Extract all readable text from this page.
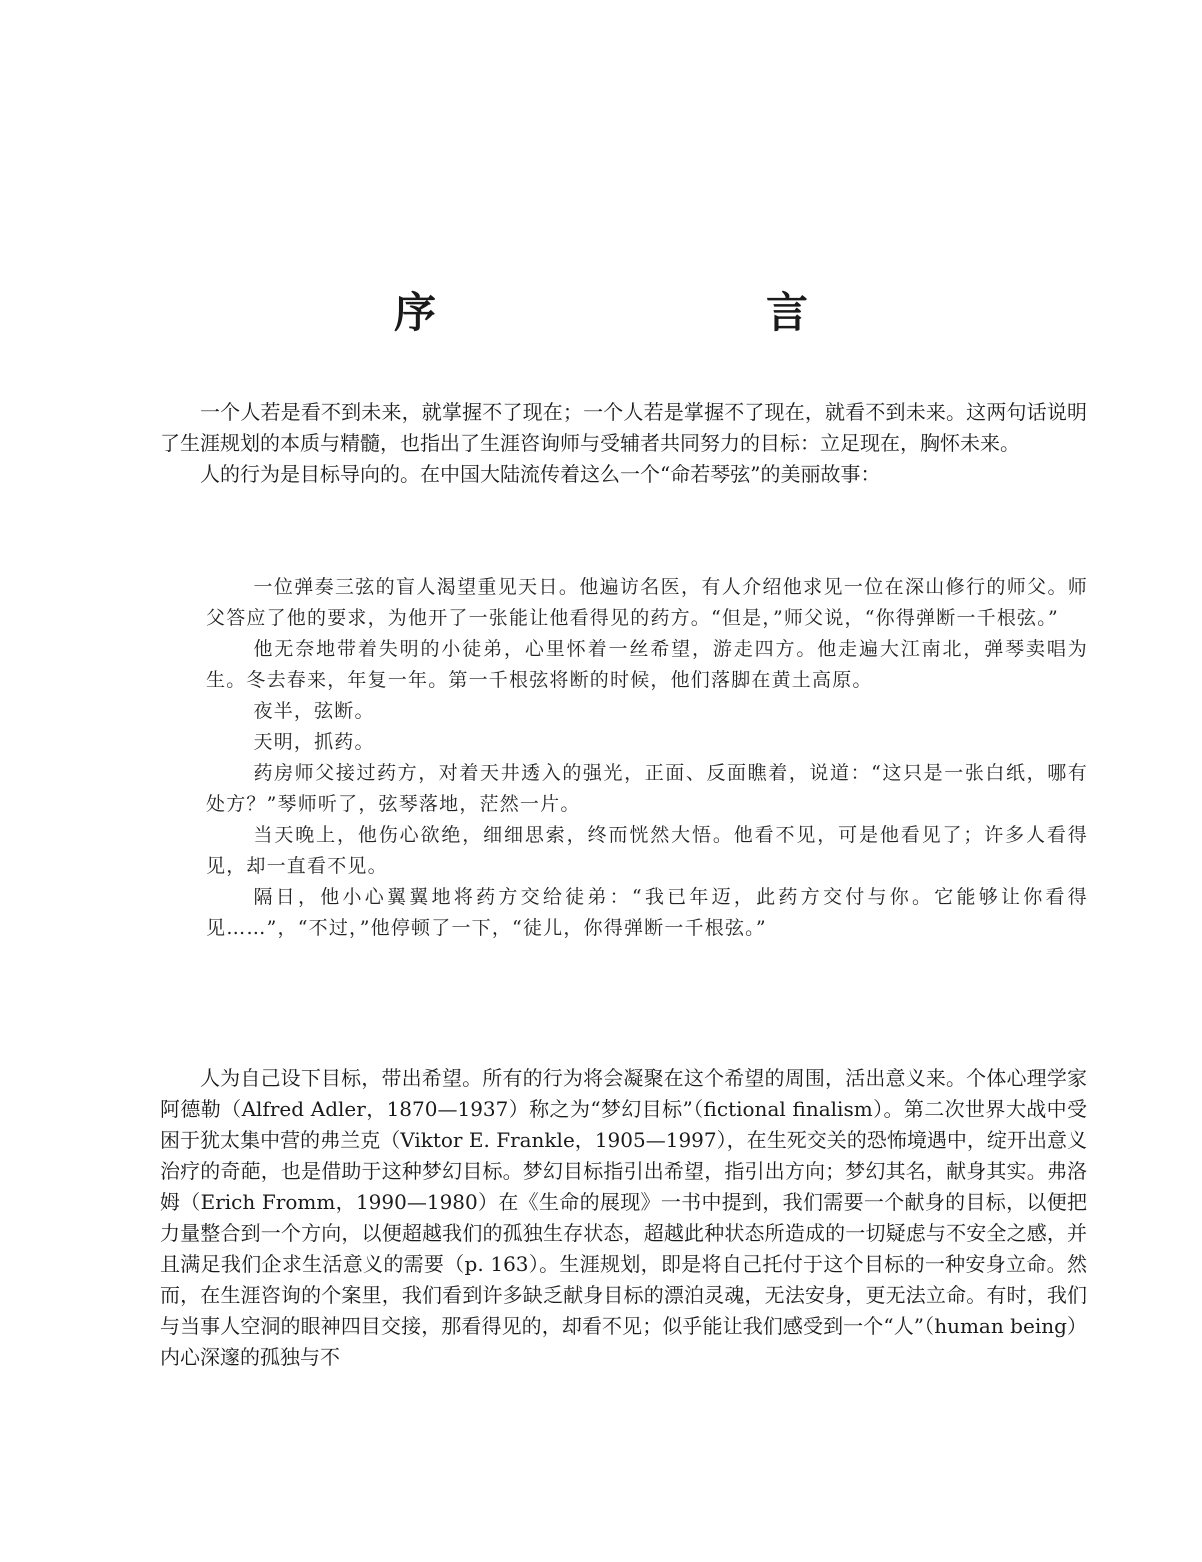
序　　言

一个人若是看不到未来，就掌握不了现在；一个人若是掌握不了现在，就看不到未来。这两句话说明了生涯规划的本质与精髓，也指出了生涯咨询师与受辅者共同努力的目标：立足现在，胸怀未来。

人的行为是目标导向的。在中国大陆流传着这么一个“命若琴弦”的美丽故事：

一位弹奏三弦的盲人渴望重见天日。他遍访名医，有人介绍他求见一位在深山修行的师父。师父答应了他的要求，为他开了一张能让他看得见的药方。“但是，”师父说，“你得弹断一千根弦。”

他无奈地带着失明的小徒弟，心里怀着一丝希望，游走四方。他走遍大江南北，弹琴卖唱为生。冬去春来，年复一年。第一千根弦将断的时候，他们落脚在黄土高原。

夜半，弦断。

天明，抓药。

药房师父接过药方，对着天井透入的强光，正面、反面瞧着，说道：“这只是一张白纸，哪有处方？”琴师听了，弦琴落地，茫然一片。

当天晚上，他伤心欲绝，细细思索，终而恍然大悟。他看不见，可是他看见了；许多人看得见，却一直看不见。

隔日，他小心翼翼地将药方交给徒弟：“我已年迈，此药方交付与你。它能够让你看得见……”，“不过，”他停顿了一下，“徒儿，你得弹断一千根弦。”

人为自己设下目标，带出希望。所有的行为将会凝聚在这个希望的周围，活出意义来。个体心理学家阿德勒（Alfred Adler，1870—1937）称之为“梦幻目标”（fictional finalism）。第二次世界大战中受困于犹太集中营的弗兰克（Viktor E. Frankle，1905—1997），在生死交关的恐怖境遇中，绽开出意义治疗的奇葩，也是借助于这种梦幻目标。梦幻目标指引出希望，指引出方向；梦幻其名，献身其实。弗洛姆（Erich Fromm，1990—1980）在《生命的展现》一书中提到，我们需要一个献身的目标，以便把力量整合到一个方向，以便超越我们的孤独生存状态，超越此种状态所造成的一切疑虑与不安全之感，并且满足我们企求生活意义的需要（p. 163）。生涯规划，即是将自己托付于这个目标的一种安身立命。然而，在生涯咨询的个案里，我们看到许多缺乏献身目标的漂泊灵魂，无法安身，更无法立命。有时，我们与当事人空洞的眼神四目交接，那看得见的，却看不见；似乎能让我们感受到一个“人”（human being）内心深邃的孤独与不
